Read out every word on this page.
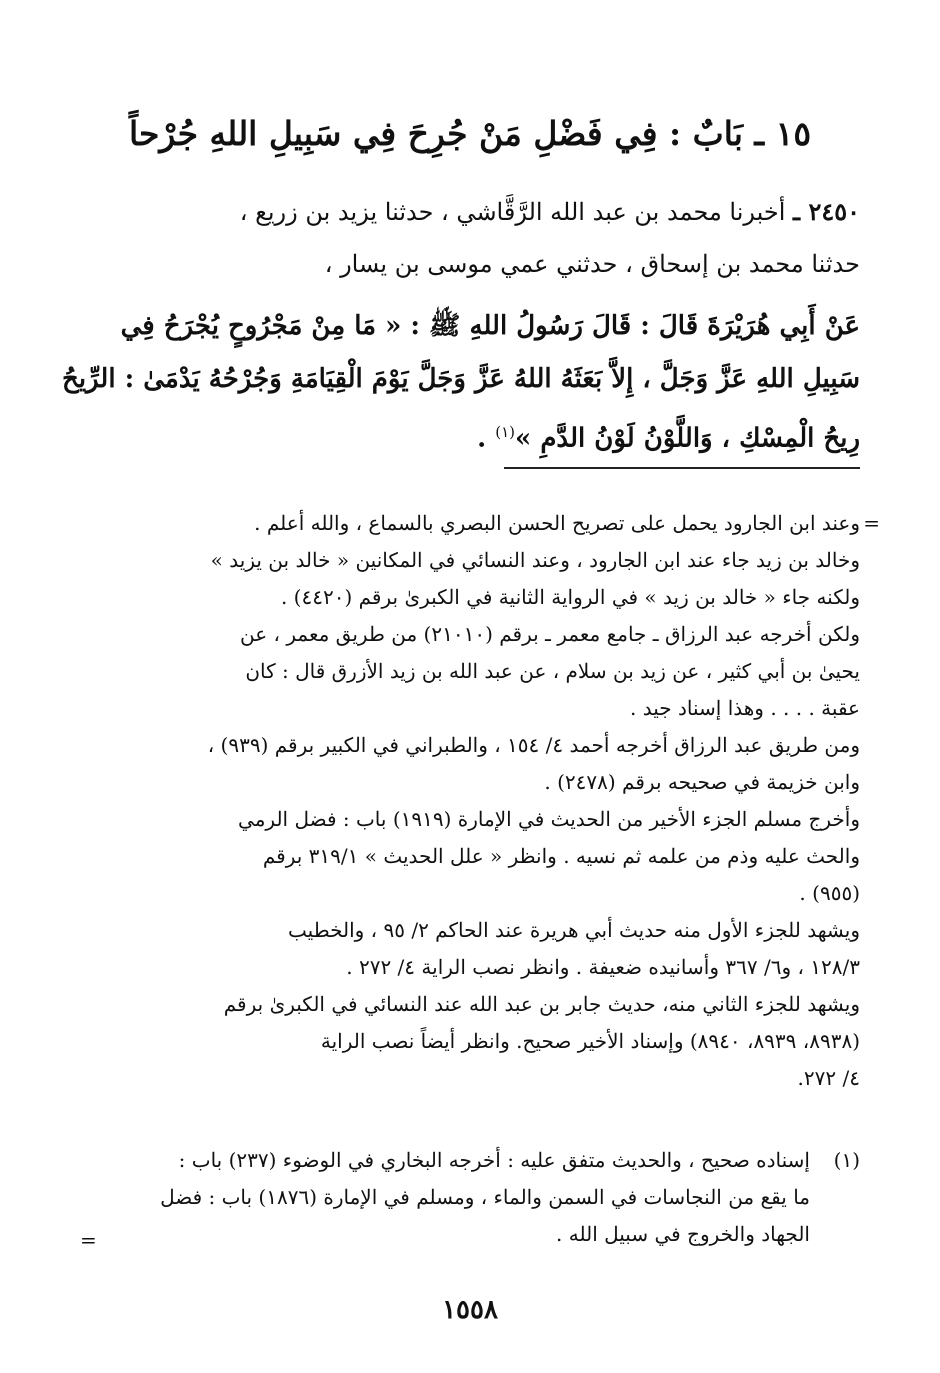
١٥ ـ بَابٌ : فِي فَضْلِ مَنْ جُرِحَ فِي سَبِيلِ اللهِ جُرْحاً
٢٤٥٠ ـ أخبرنا محمد بن عبد الله الرَّقَّاشي ، حدثنا يزيد بن زريع ،
حدثنا محمد بن إسحاق ، حدثني عمي موسى بن يسار ،
عَنْ أَبِي هُرَيْرَةَ قَالَ : قَالَ رَسُولُ اللهِ ﷺ : « مَا مِنْ مَجْرُوحٍ يُجْرَحُ فِي
سَبِيلِ اللهِ عَزَّ وَجَلَّ ، إِلاَّ بَعَثَهُ اللهُ عَزَّ وَجَلَّ يَوْمَ الْقِيَامَةِ وَجُرْحُهُ يَدْمَىٰ : الرِّيحُ
رِيحُ الْمِسْكِ ، وَاللَّوْنُ لَوْنُ الدَّمِ »$^{(١)}$ .
=
وعند ابن الجارود يحمل على تصريح الحسن البصري بالسماع ، والله أعلم .
وخالد بن زيد جاء عند ابن الجارود ، وعند النسائي في المكانين « خالد بن يزيد »
ولكنه جاء « خالد بن زيد » في الرواية الثانية في الكبرىٰ برقم (٤٤٢٠) .
ولكن أخرجه عبد الرزاق ـ جامع معمر ـ برقم (٢١٠١٠) من طريق معمر ، عن
يحيىٰ بن أبي كثير ، عن زيد بن سلام ، عن عبد الله بن زيد الأزرق قال : كان
عقبة . . . . وهذا إسناد جيد .
ومن طريق عبد الرزاق أخرجه أحمد ٤/ ١٥٤ ، والطبراني في الكبير برقم (٩٣٩) ،
وابن خزيمة في صحيحه برقم (٢٤٧٨) .
وأخرج مسلم الجزء الأخير من الحديث في الإمارة (١٩١٩) باب : فضل الرمي
والحث عليه وذم من علمه ثم نسيه . وانظر « علل الحديث » ٣١٩/١ برقم
(٩٥٥) .
ويشهد للجزء الأول منه حديث أبي هريرة عند الحاكم ٢/ ٩٥ ، والخطيب
١٢٨/٣ ، و٦/ ٣٦٧ وأسانيده ضعيفة . وانظر نصب الراية ٤/ ٢٧٢ .
ويشهد للجزء الثاني منه، حديث جابر بن عبد الله عند النسائي في الكبرىٰ برقم
(٨٩٣٨، ٨٩٣٩، ٨٩٤٠) وإسناد الأخير صحيح. وانظر أيضاً نصب الراية
٤/ ٢٧٢.
(١)
إسناده صحيح ، والحديث متفق عليه : أخرجه البخاري في الوضوء (٢٣٧) باب :
ما يقع من النجاسات في السمن والماء ، ومسلم في الإمارة (١٨٧٦) باب : فضل
الجهاد والخروج في سبيل الله .
=
١٥٥٨
